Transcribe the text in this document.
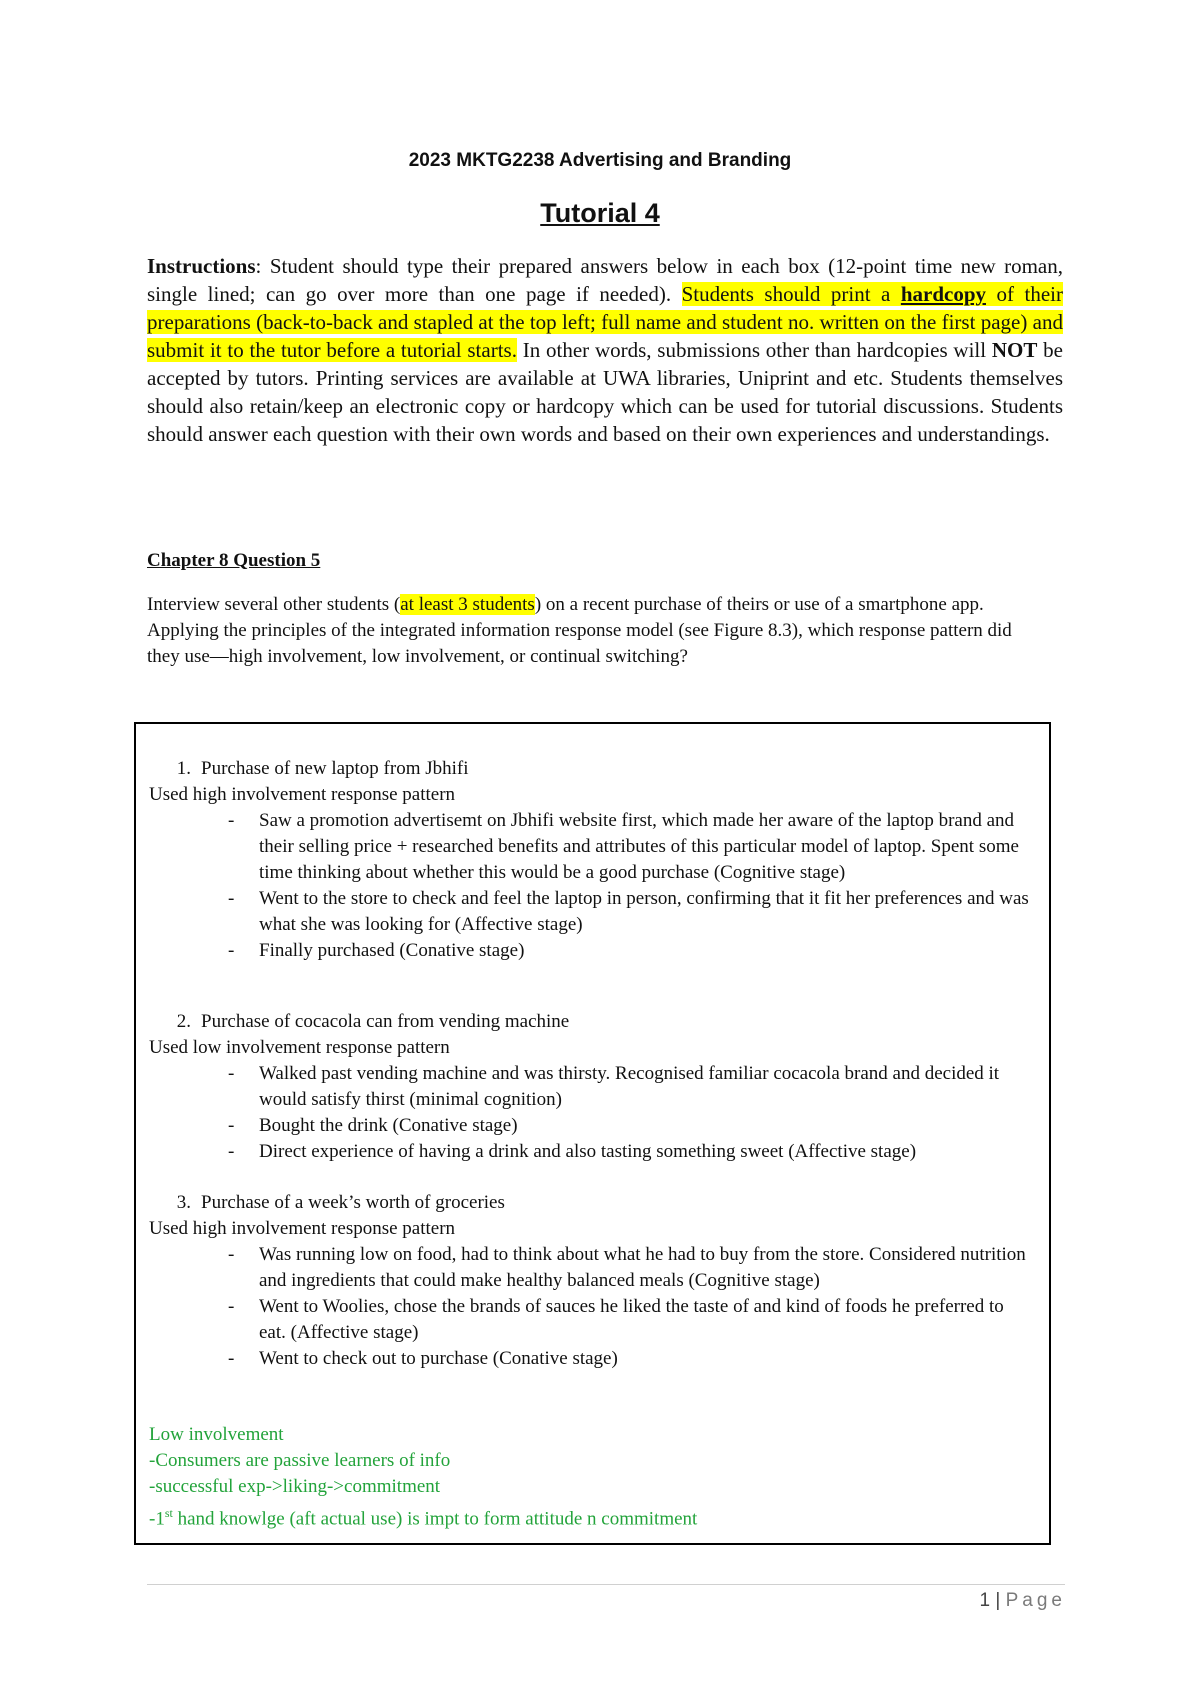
2023 MKTG2238 Advertising and Branding
Tutorial 4
Instructions: Student should type their prepared answers below in each box (12-point time new roman, single lined; can go over more than one page if needed). Students should print a hardcopy of their preparations (back-to-back and stapled at the top left; full name and student no. written on the first page) and submit it to the tutor before a tutorial starts. In other words, submissions other than hardcopies will NOT be accepted by tutors. Printing services are available at UWA libraries, Uniprint and etc. Students themselves should also retain/keep an electronic copy or hardcopy which can be used for tutorial discussions. Students should answer each question with their own words and based on their own experiences and understandings.
Chapter 8 Question 5
Interview several other students (at least 3 students) on a recent purchase of theirs or use of a smartphone app. Applying the principles of the integrated information response model (see Figure 8.3), which response pattern did they use—high involvement, low involvement, or continual switching?
1. Purchase of new laptop from Jbhifi
Used high involvement response pattern
- Saw a promotion advertisemt on Jbhifi website first, which made her aware of the laptop brand and their selling price + researched benefits and attributes of this particular model of laptop. Spent some time thinking about whether this would be a good purchase (Cognitive stage)
- Went to the store to check and feel the laptop in person, confirming that it fit her preferences and was what she was looking for (Affective stage)
- Finally purchased (Conative stage)
2. Purchase of cocacola can from vending machine
Used low involvement response pattern
- Walked past vending machine and was thirsty. Recognised familiar cocacola brand and decided it would satisfy thirst (minimal cognition)
- Bought the drink (Conative stage)
- Direct experience of having a drink and also tasting something sweet (Affective stage)
3. Purchase of a week’s worth of groceries
Used high involvement response pattern
- Was running low on food, had to think about what he had to buy from the store. Considered nutrition and ingredients that could make healthy balanced meals (Cognitive stage)
- Went to Woolies, chose the brands of sauces he liked the taste of and kind of foods he preferred to eat. (Affective stage)
- Went to check out to purchase (Conative stage)
Low involvement
-Consumers are passive learners of info
-successful exp->liking->commitment
-1st hand knowlge (aft actual use) is impt to form attitude n commitment
1 | Page
